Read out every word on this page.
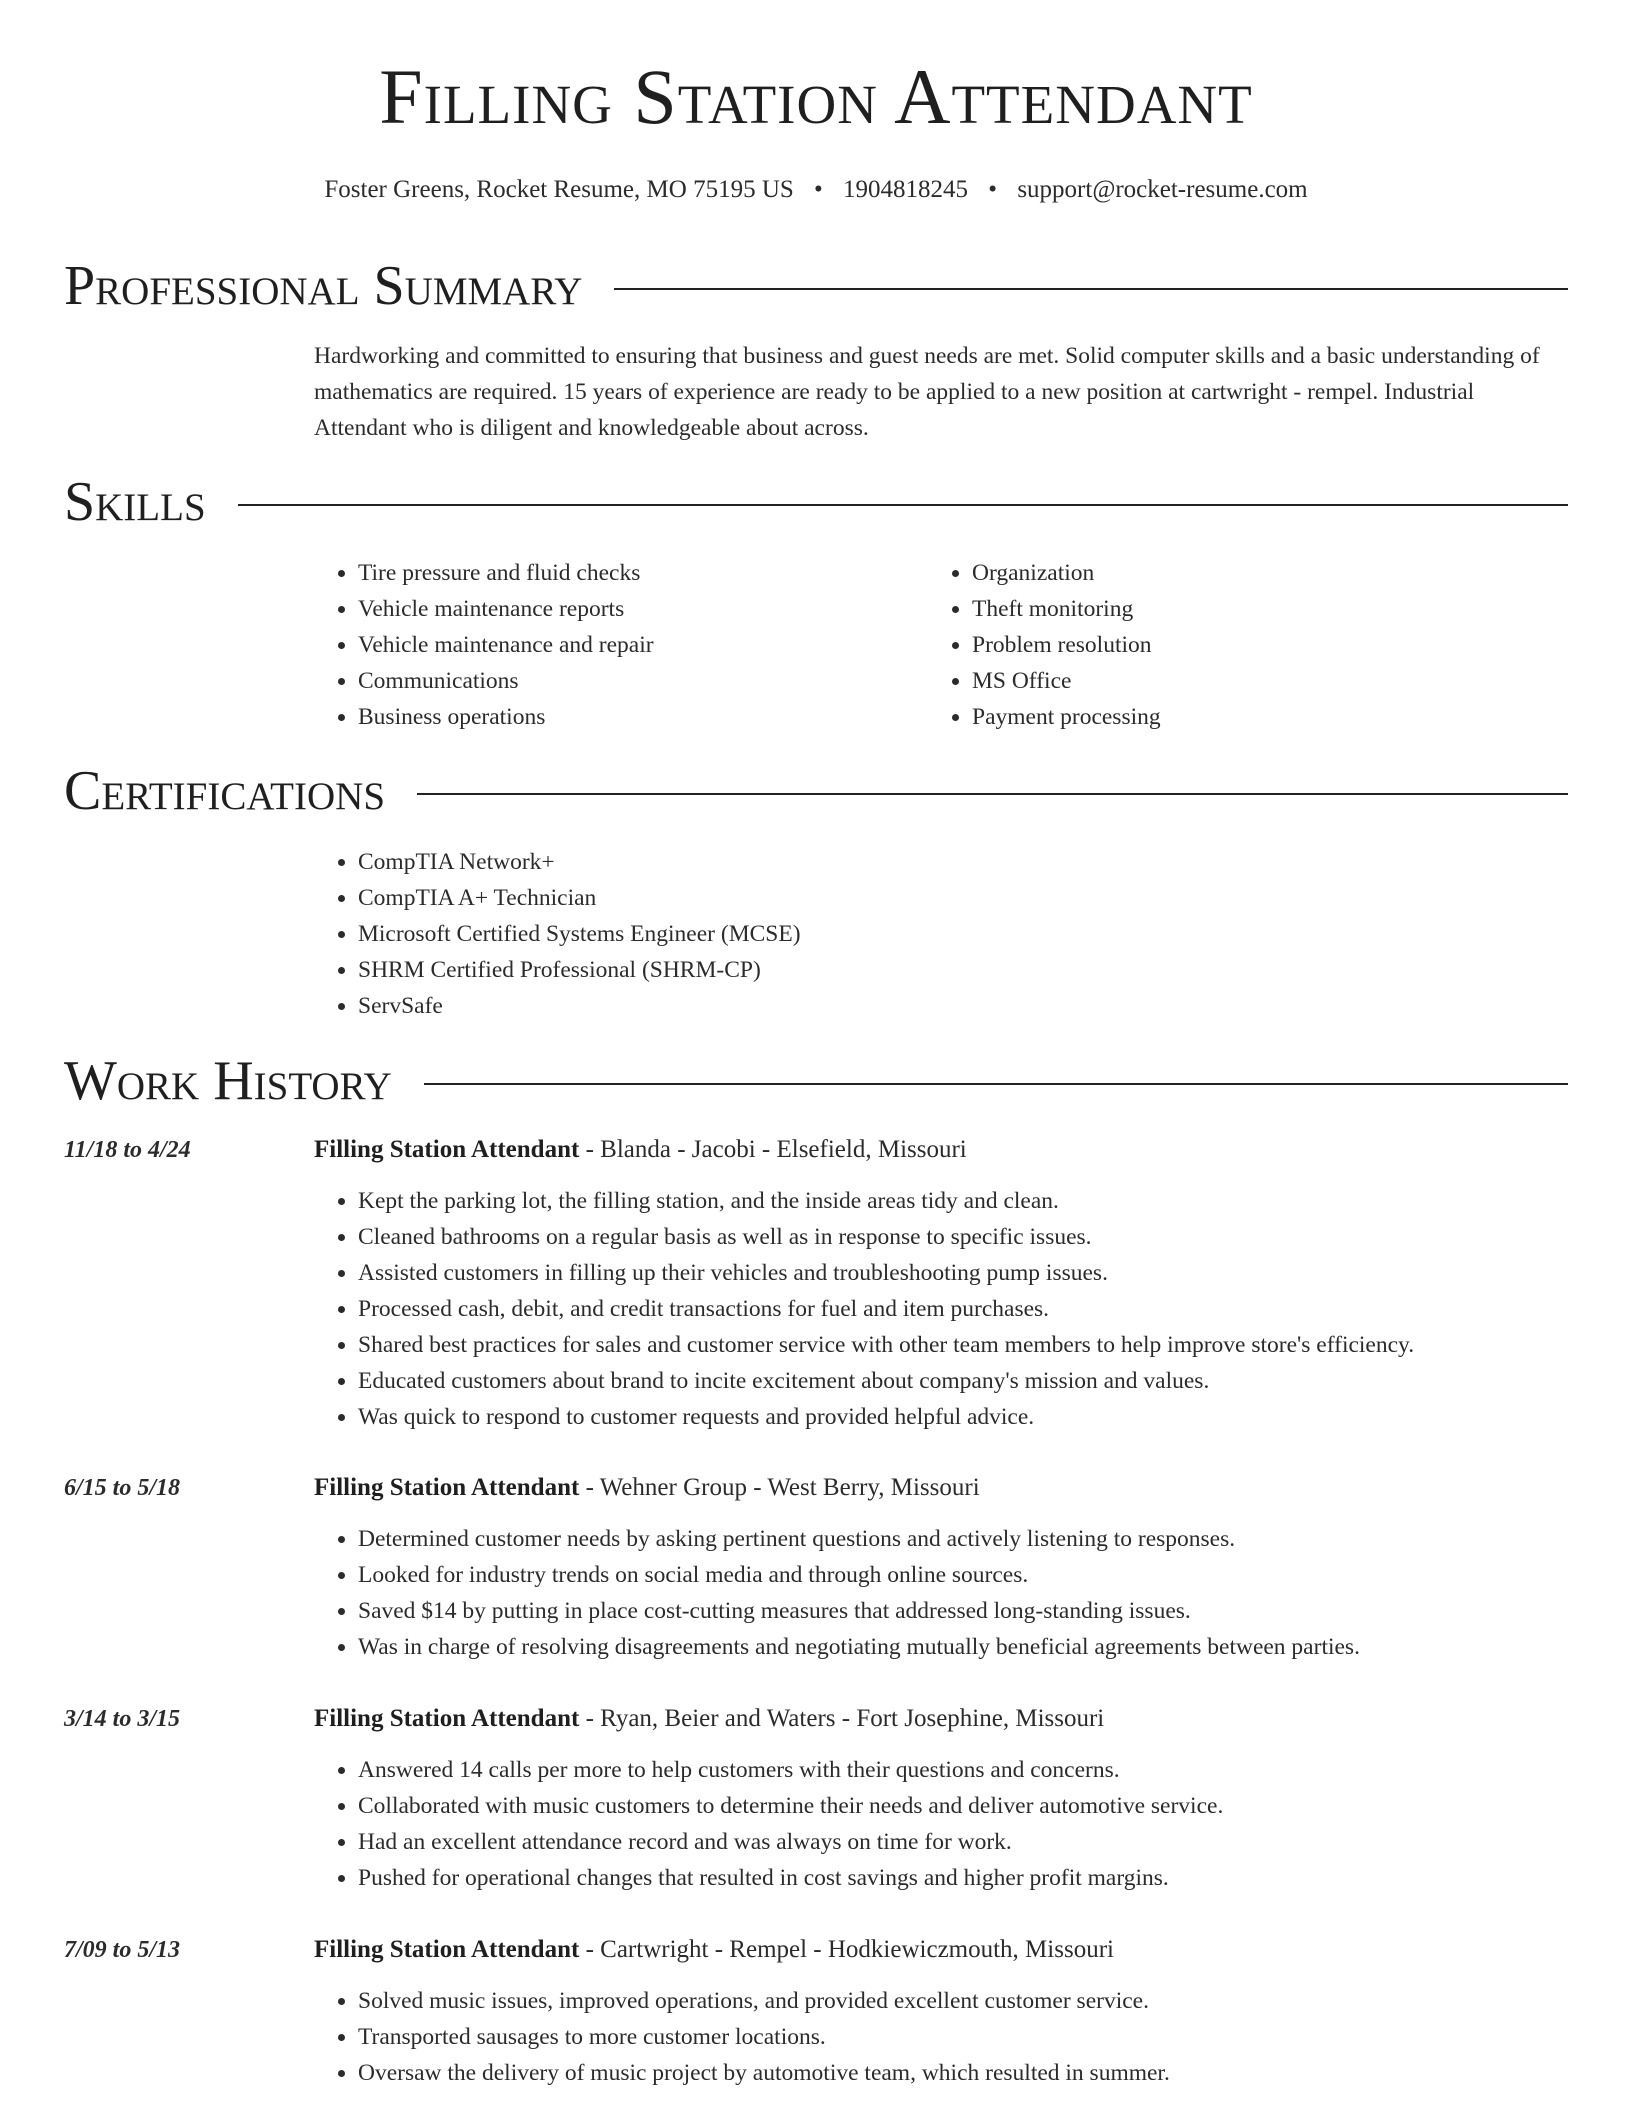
Filling Station Attendant
Foster Greens, Rocket Resume, MO 75195 US • 1904818245 • support@rocket-resume.com
Professional Summary
Hardworking and committed to ensuring that business and guest needs are met. Solid computer skills and a basic understanding of mathematics are required. 15 years of experience are ready to be applied to a new position at cartwright - rempel. Industrial Attendant who is diligent and knowledgeable about across.
Skills
• Tire pressure and fluid checks
• Vehicle maintenance reports
• Vehicle maintenance and repair
• Communications
• Business operations
• Organization
• Theft monitoring
• Problem resolution
• MS Office
• Payment processing
Certifications
• CompTIA Network+
• CompTIA A+ Technician
• Microsoft Certified Systems Engineer (MCSE)
• SHRM Certified Professional (SHRM-CP)
• ServSafe
Work History
11/18 to 4/24	Filling Station Attendant - Blanda - Jacobi - Elsefield, Missouri
• Kept the parking lot, the filling station, and the inside areas tidy and clean.
• Cleaned bathrooms on a regular basis as well as in response to specific issues.
• Assisted customers in filling up their vehicles and troubleshooting pump issues.
• Processed cash, debit, and credit transactions for fuel and item purchases.
• Shared best practices for sales and customer service with other team members to help improve store's efficiency.
• Educated customers about brand to incite excitement about company's mission and values.
• Was quick to respond to customer requests and provided helpful advice.
6/15 to 5/18	Filling Station Attendant - Wehner Group - West Berry, Missouri
• Determined customer needs by asking pertinent questions and actively listening to responses.
• Looked for industry trends on social media and through online sources.
• Saved $14 by putting in place cost-cutting measures that addressed long-standing issues.
• Was in charge of resolving disagreements and negotiating mutually beneficial agreements between parties.
3/14 to 3/15	Filling Station Attendant - Ryan, Beier and Waters - Fort Josephine, Missouri
• Answered 14 calls per more to help customers with their questions and concerns.
• Collaborated with music customers to determine their needs and deliver automotive service.
• Had an excellent attendance record and was always on time for work.
• Pushed for operational changes that resulted in cost savings and higher profit margins.
7/09 to 5/13	Filling Station Attendant - Cartwright - Rempel - Hodkiewiczmouth, Missouri
• Solved music issues, improved operations, and provided excellent customer service.
• Transported sausages to more customer locations.
• Oversaw the delivery of music project by automotive team, which resulted in summer.
